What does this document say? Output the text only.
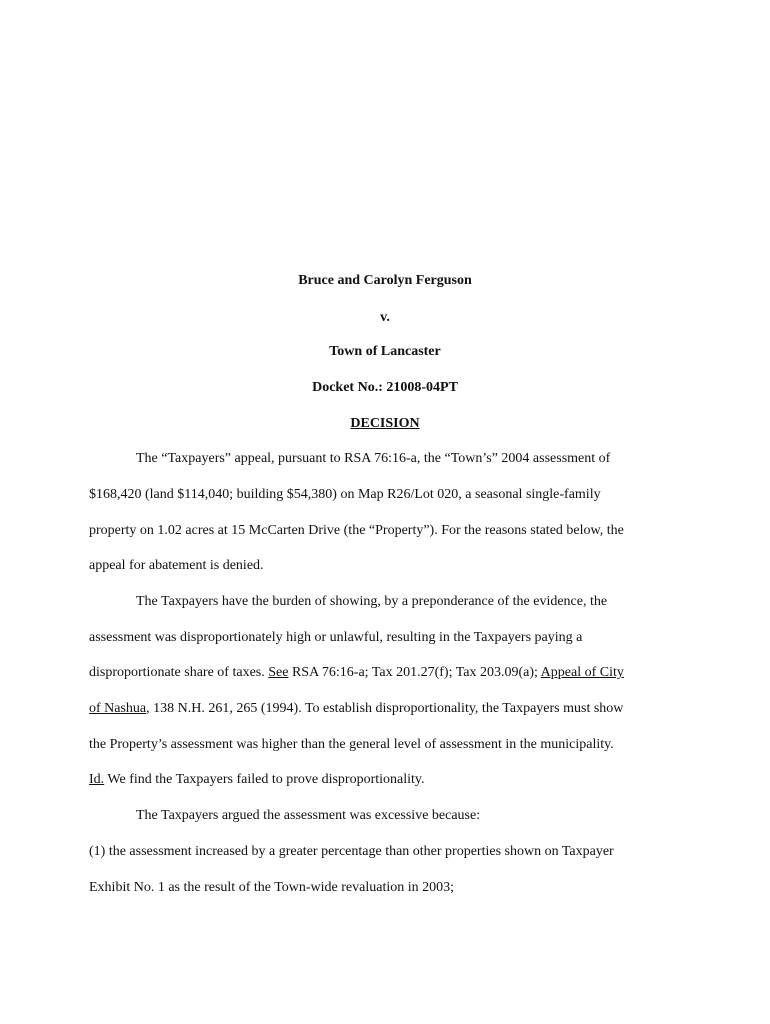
Bruce and Carolyn Ferguson
v.
Town of Lancaster
Docket No.: 21008-04PT
DECISION
The “Taxpayers” appeal, pursuant to RSA 76:16-a, the “Town’s” 2004 assessment of
$168,420 (land $114,040; building $54,380) on Map R26/Lot 020, a seasonal single-family
property on 1.02 acres at 15 McCarten Drive (the “Property”). For the reasons stated below, the
appeal for abatement is denied.
The Taxpayers have the burden of showing, by a preponderance of the evidence, the
assessment was disproportionately high or unlawful, resulting in the Taxpayers paying a
disproportionate share of taxes. See RSA 76:16-a; Tax 201.27(f); Tax 203.09(a); Appeal of City
of Nashua, 138 N.H. 261, 265 (1994). To establish disproportionality, the Taxpayers must show
the Property’s assessment was higher than the general level of assessment in the municipality.
Id. We find the Taxpayers failed to prove disproportionality.
The Taxpayers argued the assessment was excessive because:
(1) the assessment increased by a greater percentage than other properties shown on Taxpayer
Exhibit No. 1 as the result of the Town-wide revaluation in 2003;
